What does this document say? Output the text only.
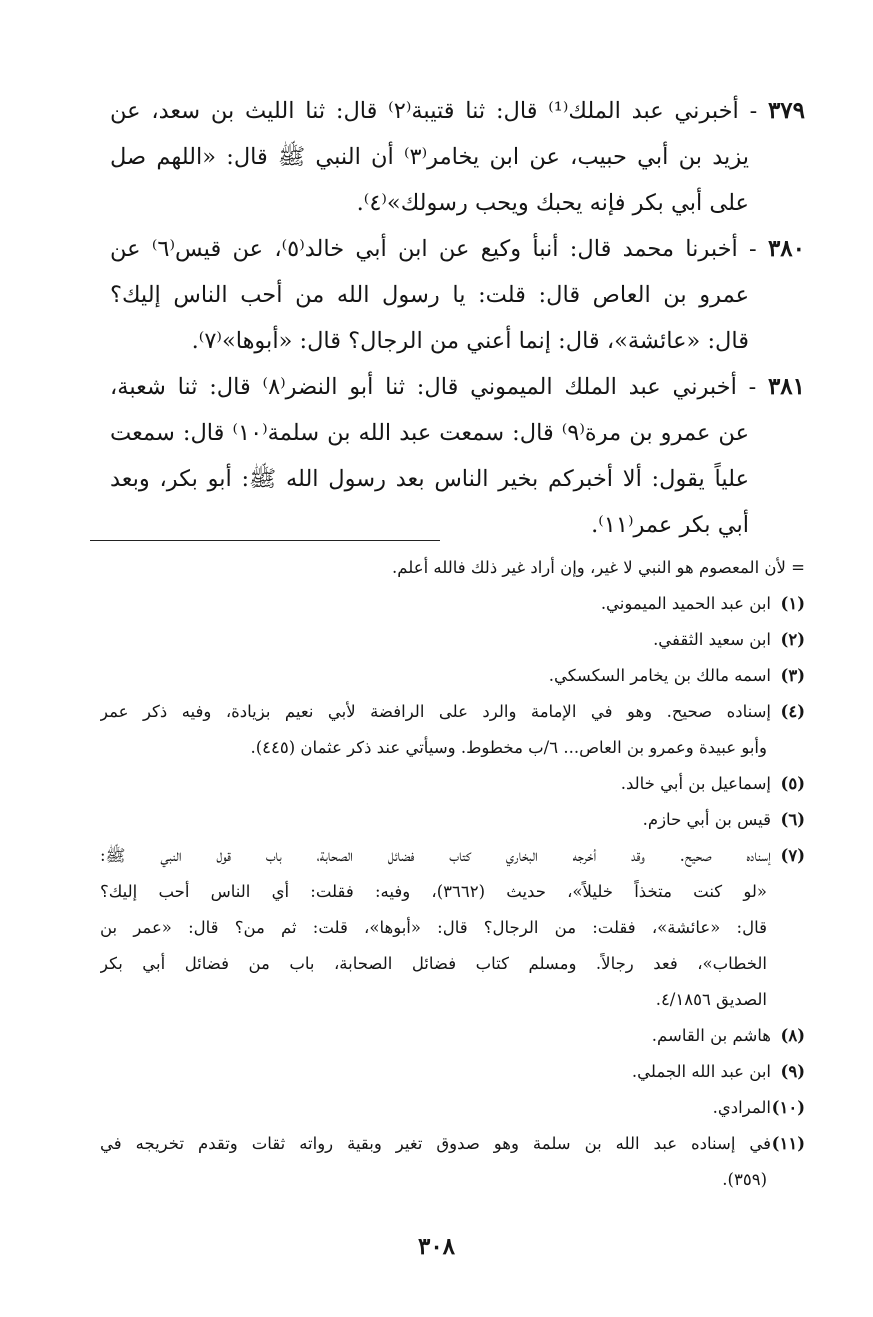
٣٧٩ - أخبرني عبد الملك⁽¹⁾ قال: ثنا قتيبة⁽٢⁾ قال: ثنا الليث بن سعد، عن
يزيد بن أبي حبيب، عن ابن يخامر⁽٣⁾ أن النبي ﷺ قال: «اللهم صل
على أبي بكر فإنه يحبك ويحب رسولك»⁽٤⁾.
٣٨٠ - أخبرنا محمد قال: أنبأ وكيع عن ابن أبي خالد⁽٥⁾، عن قيس⁽٦⁾ عن
عمرو بن العاص قال: قلت: يا رسول الله من أحب الناس إليك؟
قال: «عائشة»، قال: إنما أعني من الرجال؟ قال: «أبوها»⁽٧⁾.
٣٨١ - أخبرني عبد الملك الميموني قال: ثنا أبو النضر⁽٨⁾ قال: ثنا شعبة،
عن عمرو بن مرة⁽٩⁾ قال: سمعت عبد الله بن سلمة⁽١٠⁾ قال: سمعت
علياً يقول: ألا أخبركم بخير الناس بعد رسول الله ﷺ: أبو بكر، وبعد
أبي بكر عمر⁽١١⁾.
= لأن المعصوم هو النبي لا غير، وإن أراد غير ذلك فالله أعلم.
(١)ابن عبد الحميد الميموني.
(٢)ابن سعيد الثقفي.
(٣)اسمه مالك بن يخامر السكسكي.
(٤)إسناده صحيح. وهو في الإمامة والرد على الرافضة لأبي نعيم بزيادة، وفيه ذكر عمر
وأبو عبيدة وعمرو بن العاص... ٦/ب مخطوط. وسيأتي عند ذكر عثمان (٤٤٥).
(٥)إسماعيل بن أبي خالد.
(٦)قيس بن أبي حازم.
(٧)إسناده صحيح. وقد أخرجه البخاري كتاب فضائل الصحابة، باب قول النبي ﷺ:
«لو كنت متخذاً خليلاً»، حديث (٣٦٦٢)، وفيه: فقلت: أي الناس أحب إليك؟
قال: «عائشة»، فقلت: من الرجال؟ قال: «أبوها»، قلت: ثم من؟ قال: «عمر بن
الخطاب»، فعد رجالاً. ومسلم كتاب فضائل الصحابة، باب من فضائل أبي بكر
الصديق ٤/١٨٥٦.
(٨)هاشم بن القاسم.
(٩)ابن عبد الله الجملي.
(١٠)المرادي.
(١١)في إسناده عبد الله بن سلمة وهو صدوق تغير وبقية رواته ثقات وتقدم تخريجه في
(٣٥٩).
٣٠٨
